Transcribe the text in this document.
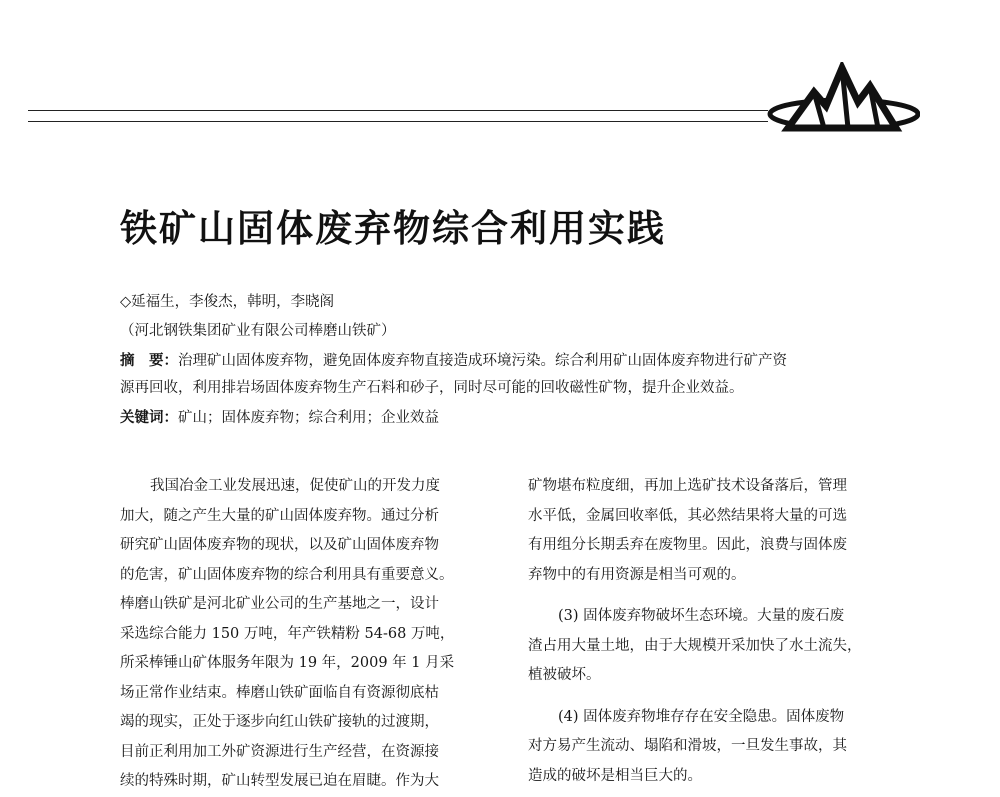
铁矿山固体废弃物综合利用实践
◇延福生，李俊杰，韩明，李晓阁
（河北钢铁集团矿业有限公司棒磨山铁矿）
摘　要：治理矿山固体废弃物，避免固体废弃物直接造成环境污染。综合利用矿山固体废弃物进行矿产资
源再回收，利用排岩场固体废弃物生产石料和砂子，同时尽可能的回收磁性矿物，提升企业效益。
关键词：矿山；固体废弃物；综合利用；企业效益
我国冶金工业发展迅速，促使矿山的开发力度
加大，随之产生大量的矿山固体废弃物。通过分析
研究矿山固体废弃物的现状，以及矿山固体废弃物
的危害，矿山固体废弃物的综合利用具有重要意义。
棒磨山铁矿是河北矿业公司的生产基地之一，设计
采选综合能力 150 万吨，年产铁精粉 54-68 万吨，
所采棒锤山矿体服务年限为 19 年，2009 年 1 月采
场正常作业结束。棒磨山铁矿面临自有资源彻底枯
竭的现实，正处于逐步向红山铁矿接轨的过渡期，
目前正利用加工外矿资源进行生产经营，在资源接
续的特殊时期，矿山转型发展已迫在眉睫。作为大
矿物堪布粒度细，再加上选矿技术设备落后，管理
水平低，金属回收率低，其必然结果将大量的可选
有用组分长期丢弃在废物里。因此，浪费与固体废
弃物中的有用资源是相当可观的。
(3) 固体废弃物破坏生态环境。大量的废石废
渣占用大量土地，由于大规模开采加快了水土流失，
植被破坏。
(4) 固体废弃物堆存存在安全隐患。固体废物
对方易产生流动、塌陷和滑坡，一旦发生事故，其
造成的破坏是相当巨大的。
